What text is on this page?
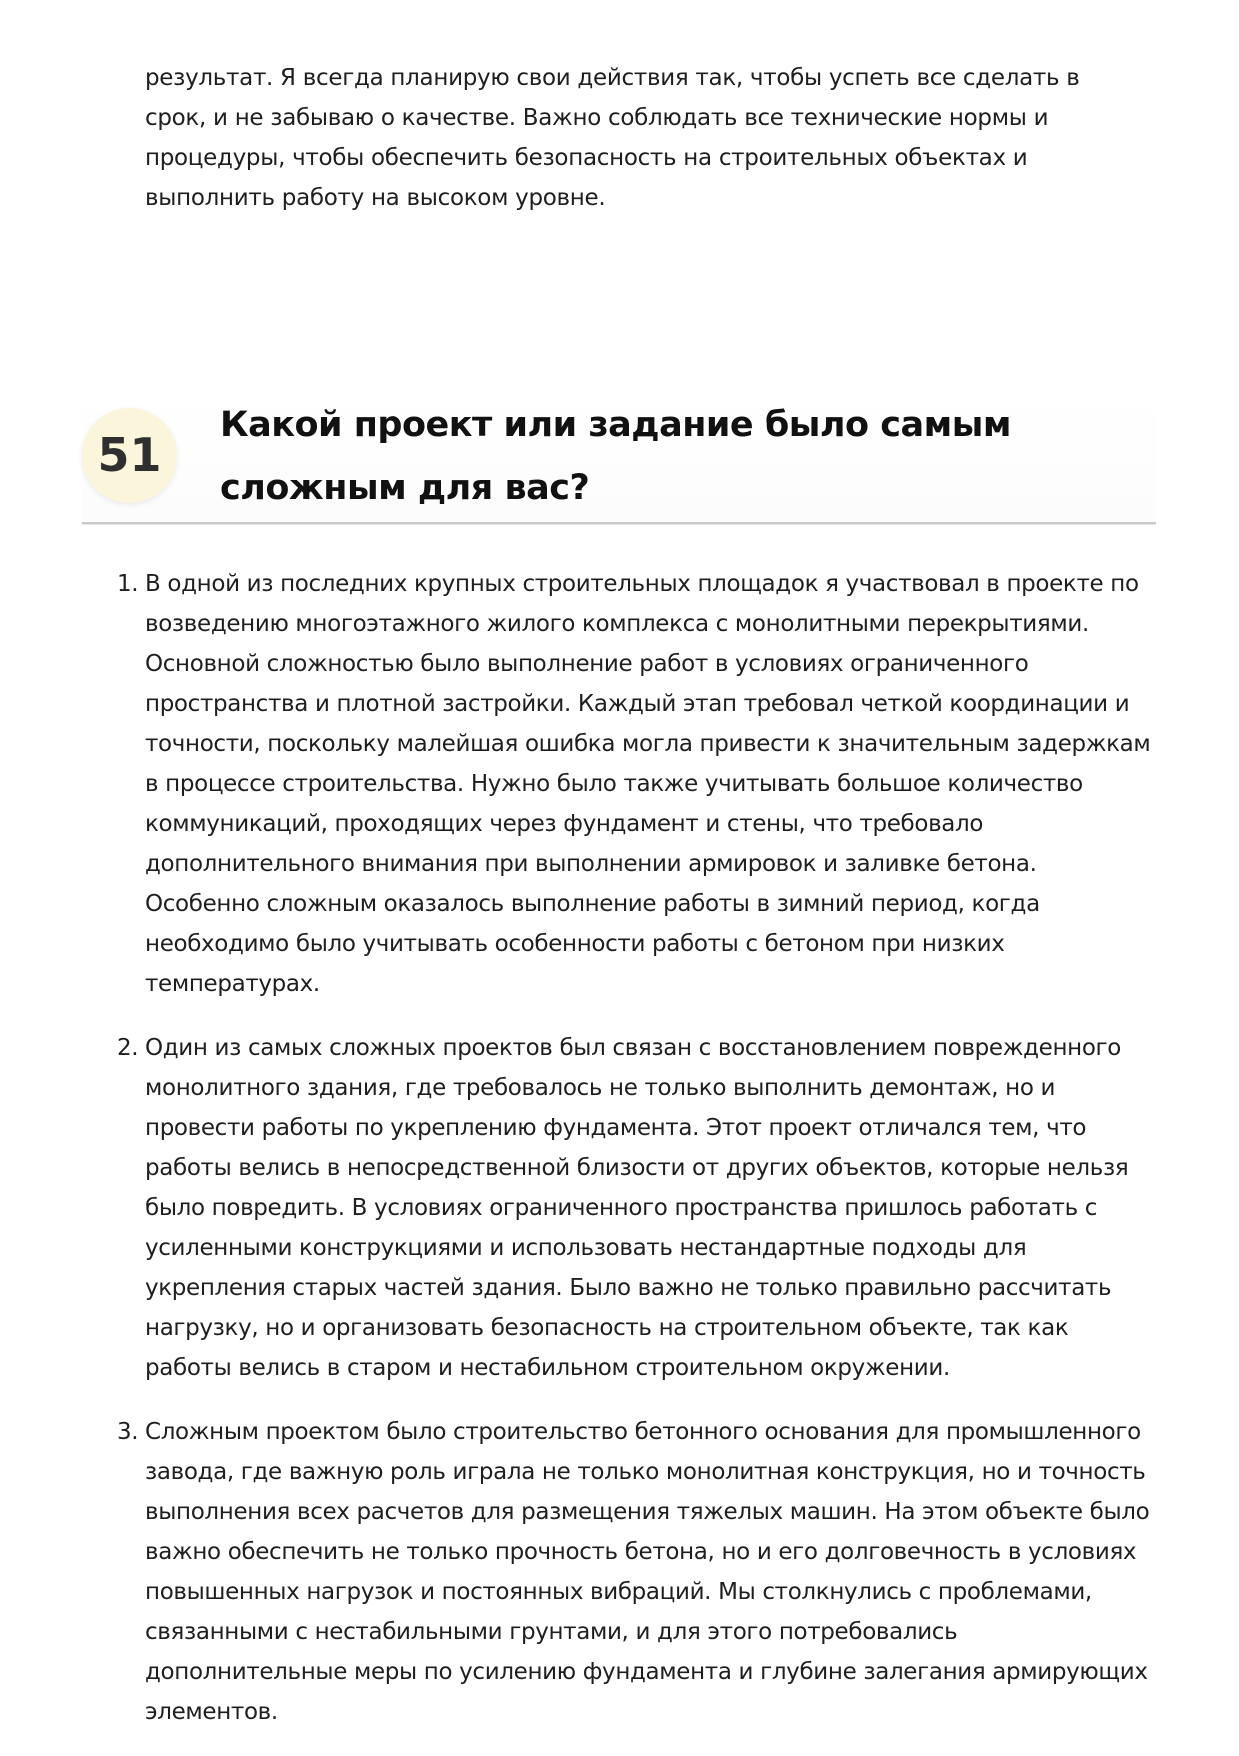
результат. Я всегда планирую свои действия так, чтобы успеть все сделать в срок, и не забываю о качестве. Важно соблюдать все технические нормы и процедуры, чтобы обеспечить безопасность на строительных объектах и выполнить работу на высоком уровне.

51
Какой проект или задание было самым сложным для вас?
1. В одной из последних крупных строительных площадок я участвовал в проекте по возведению многоэтажного жилого комплекса с монолитными перекрытиями. Основной сложностью было выполнение работ в условиях ограниченного пространства и плотной застройки. Каждый этап требовал четкой координации и точности, поскольку малейшая ошибка могла привести к значительным задержкам в процессе строительства. Нужно было также учитывать большое количество коммуникаций, проходящих через фундамент и стены, что требовало дополнительного внимания при выполнении армировок и заливке бетона. Особенно сложным оказалось выполнение работы в зимний период, когда необходимо было учитывать особенности работы с бетоном при низких температурах.
2. Один из самых сложных проектов был связан с восстановлением поврежденного монолитного здания, где требовалось не только выполнить демонтаж, но и провести работы по укреплению фундамента. Этот проект отличался тем, что работы велись в непосредственной близости от других объектов, которые нельзя было повредить. В условиях ограниченного пространства пришлось работать с усиленными конструкциями и использовать нестандартные подходы для укрепления старых частей здания. Было важно не только правильно рассчитать нагрузку, но и организовать безопасность на строительном объекте, так как работы велись в старом и нестабильном строительном окружении.
3. Сложным проектом было строительство бетонного основания для промышленного завода, где важную роль играла не только монолитная конструкция, но и точность выполнения всех расчетов для размещения тяжелых машин. На этом объекте было важно обеспечить не только прочность бетона, но и его долговечность в условиях повышенных нагрузок и постоянных вибраций. Мы столкнулись с проблемами, связанными с нестабильными грунтами, и для этого потребовались дополнительные меры по усилению фундамента и глубине залегания армирующих элементов.
